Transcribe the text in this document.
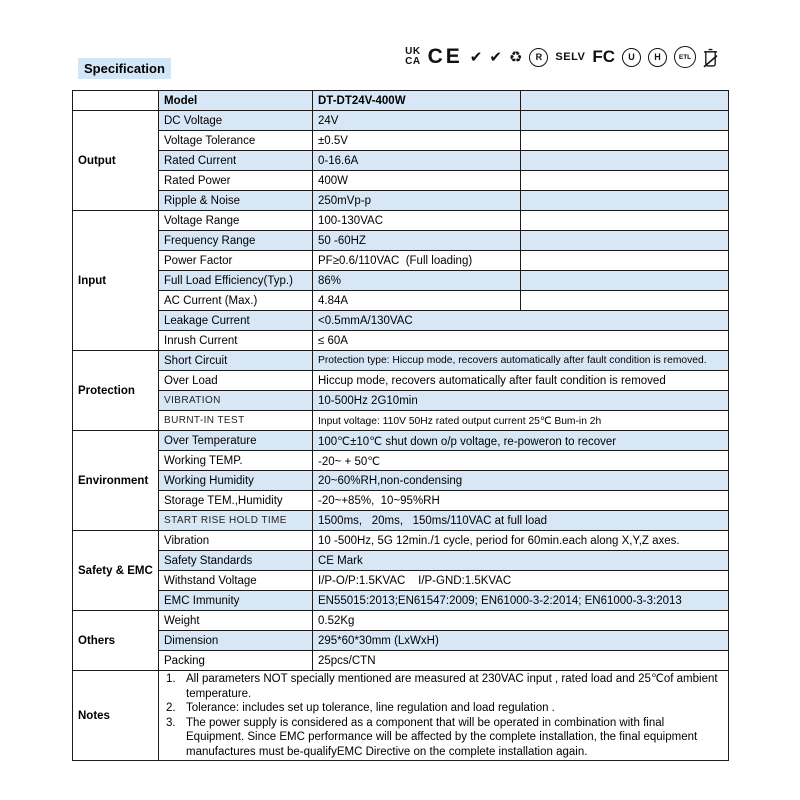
Specification
UK
CA CE ✔ ✔ ♻	R	SELV FC	U	H	ETL
	Model	DT-DT24V-400W	
Output	DC Voltage	24V	
	Voltage Tolerance	±0.5V	
	Rated Current	0-16.6A	
	Rated Power	400W	
	Ripple & Noise	250mVp-p	
Input	Voltage Range	100-130VAC	
	Frequency Range	50 -60HZ	
	Power Factor	PF≥0.6/110VAC  (Full loading)	
	Full Load Efficiency(Typ.)	86%	
	AC Current (Max.)	4.84A	
	Leakage Current	<0.5mmA/130VAC	
	Inrush Current	≤ 60A	
Protection	Short Circuit	Protection type: Hiccup mode, recovers automatically after fault condition is removed.	
	Over Load	Hiccup mode, recovers automatically after fault condition is removed	
	VIBRATION	10-500Hz 2G10min	
	BURNT-IN TEST	Input voltage: 110V 50Hz rated output current 25℃ Bum-in 2h	
Environment	Over Temperature	100℃±10℃ shut down o/p voltage, re-poweron to recover	
	Working TEMP.	-20~ + 50℃	
	Working Humidity	20~60%RH,non-condensing	
	Storage TEM.,Humidity	-20~+85%,  10~95%RH	
	START RISE HOLD TIME	1500ms,   20ms,   150ms/110VAC at full load	
Safety & EMC	Vibration	10 -500Hz, 5G 12min./1 cycle, period for 60min.each along X,Y,Z axes.	
	Safety Standards	CE Mark	
	Withstand Voltage	I/P-O/P:1.5KVAC    I/P-GND:1.5KVAC	
	EMC Immunity	EN55015:2013;EN61547:2009; EN61000-3-2:2014; EN61000-3-3:2013	
Others	Weight	0.52Kg	
	Dimension	295*60*30mm (LxWxH)	
	Packing	25pcs/CTN	
Notes	
1. All parameters NOT specially mentioned are measured at 230VAC input , rated load and 25℃of ambient temperature.
2. Tolerance: includes set up tolerance, line regulation and load regulation .
3. The power supply is considered as a component that will be operated in combination with final Equipment. Since EMC performance will be affected by the complete installation, the final equipment manufactures must be-qualifyEMC Directive on the complete installation again.
